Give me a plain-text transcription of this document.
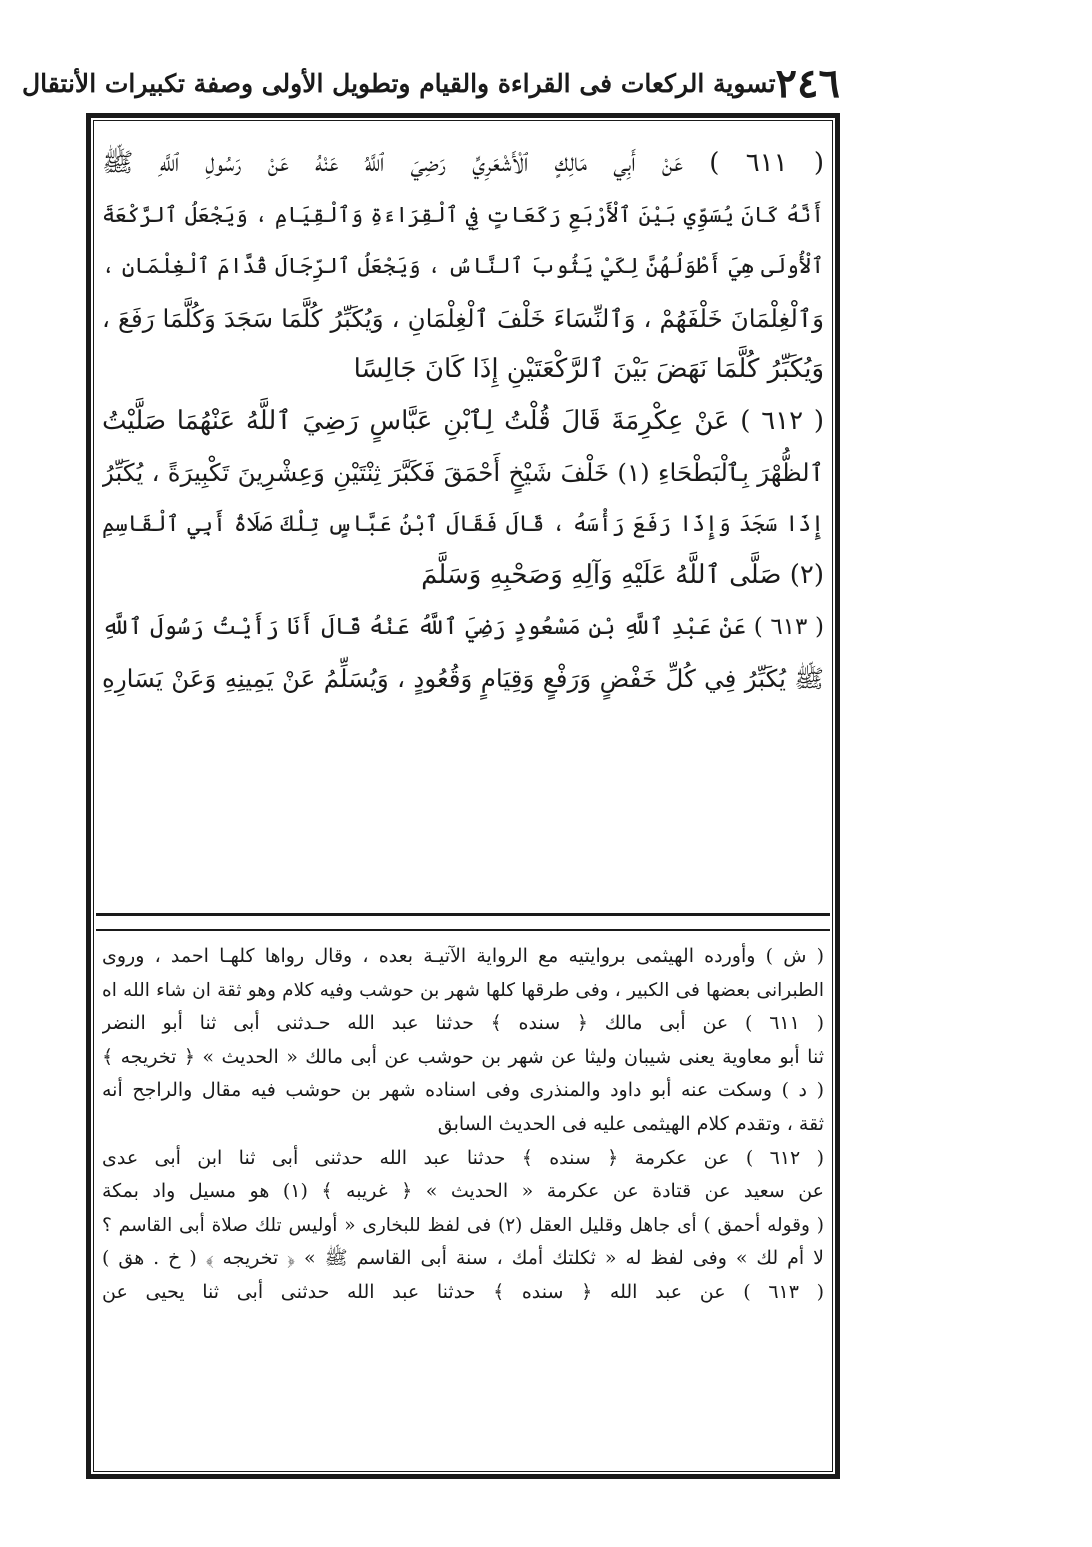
٢٤٦
تسوية الركعات فى القراءة والقيام وتطويل الأولى وصفة تكبيرات الأنتقال
( ٦١١ ) عَنْ أَبِي مَالِكٍ ٱلْأَشْعَرِيِّ رَضِيَ ٱللَّهُ عَنْهُ عَنْ رَسُولِ ٱللَّهِ ﷺ
أَنَّهُ كَانَ يُسَوِّي بَيْنَ ٱلْأَرْبَعِ رَكَعَاتٍ فِي ٱلْقِرَاءَةِ وَٱلْقِيَامِ ، وَيَجْعَلُ ٱلرَّكْعَةَ
ٱلْأُولَى هِيَ أَطْوَلُهُنَّ لِكَيْ يَثُوبَ ٱلنَّاسُ ، وَيَجْعَلُ ٱلرِّجَالَ قُدَّامَ ٱلْغِلْمَانِ ،
وَٱلْغِلْمَانَ خَلْفَهُمْ ، وَٱلنِّسَاءَ خَلْفَ ٱلْغِلْمَانِ ، وَيُكَبِّرُ كُلَّمَا سَجَدَ وَكُلَّمَا رَفَعَ ،
وَيُكَبِّرُ كُلَّمَا نَهَضَ بَيْنَ ٱلرَّكْعَتَيْنِ إِذَا كَانَ جَالِسًا
( ٦١٢ ) عَنْ عِكْرِمَةَ قَالَ قُلْتُ لِٱبْنِ عَبَّاسٍ رَضِيَ ٱللَّهُ عَنْهُمَا صَلَّيْتُ
ٱلظُّهْرَ بِٱلْبَطْحَاءِ (١) خَلْفَ شَيْخٍ أَحْمَقَ فَكَبَّرَ ثِنْتَيْنِ وَعِشْرِينَ تَكْبِيرَةً ، يُكَبِّرُ
إِذَا سَجَدَ وَإِذَا رَفَعَ رَأْسَهُ ، قَالَ فَقَالَ ٱبْنُ عَبَّاسٍ تِلْكَ صَلَاةُ أَبِي ٱلْقَاسِمِ
(٢) صَلَّى ٱللَّهُ عَلَيْهِ وَآلِهِ وَصَحْبِهِ وَسَلَّمَ
( ٦١٣ ) عَنْ عَبْدِ ٱللَّهِ بْنِ مَسْعُودٍ رَضِيَ ٱللَّهُ عَنْهُ قَالَ أَنَا رَأَيْتُ رَسُولَ ٱللَّهِ
ﷺ يُكَبِّرُ فِي كُلِّ خَفْضٍ وَرَفْعٍ وَقِيَامٍ وَقُعُودٍ ، وَيُسَلِّمُ عَنْ يَمِينِهِ وَعَنْ يَسَارِهِ
( ش ) وأورده الهيثمى بروايتيه مع الرواية الآتيـة بعده ، وقال رواها كلهـا احمد ، وروى
الطبرانى بعضها فى الكبير ، وفى طرقها كلها شهر بن حوشب وفيه كلام وهو ثقة ان شاء الله اه
( ٦١١ ) عن أبى مالك ﴿ سنده ﴾ حدثنا عبد الله حـدثنى أبى ثنا أبو النضر
ثنا أبو معاوية يعنى شيبان وليثا عن شهر بن حوشب عن أبى مالك « الحديث » ﴿ تخريجه ﴾
( د ) وسكت عنه أبو داود والمنذرى وفى اسناده شهر بن حوشب فيه مقال والراجح أنه
ثقة ، وتقدم كلام الهيثمى عليه فى الحديث السابق
( ٦١٢ ) عن عكرمة ﴿ سنده ﴾ حدثنا عبد الله حدثنى أبى ثنا ابن أبى عدى
عن سعيد عن قتادة عن عكرمة « الحديث » ﴿ غريبه ﴾ (١) هو مسيل واد بمكة
( وقوله أحمق ) أى جاهل وقليل العقل (٢) فى لفظ للبخارى « أوليس تلك صلاة أبى القاسم ؟
لا أم لك » وفى لفظ له « ثكلتك أمك ، سنة أبى القاسم ﷺ » ﴿ تخريجه ﴾ ( خ . هق )
( ٦١٣ ) عن عبد الله ﴿ سنده ﴾ حدثنا عبد الله حدثنى أبى ثنا يحيى عن
